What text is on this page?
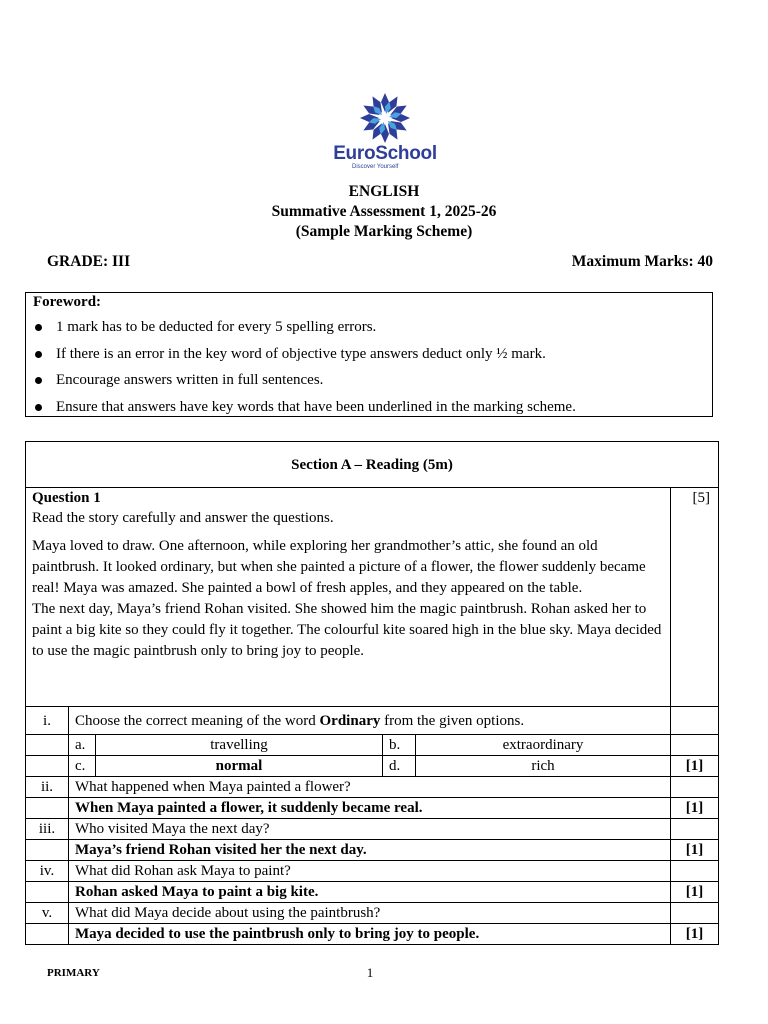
EuroSchool
Discover Yourself
ENGLISH
Summative Assessment 1, 2025-26
(Sample Marking Scheme)
GRADE: III	Maximum Marks: 40
Foreword:
1 mark has to be deducted for every 5 spelling errors.
If there is an error in the key word of objective type answers deduct only ½ mark.
Encourage answers written in full sentences.
Ensure that answers have key words that have been underlined in the marking scheme.
Section A – Reading (5m)					

Question 1
Read the story carefully and answer the questions.

Maya loved to draw. One afternoon, while exploring her grandmother’s attic, she found an old paintbrush. It looked ordinary, but when she painted a picture of a flower, the flower suddenly became real! Maya was amazed. She painted a bowl of fresh apples, and they appeared on the table.

The next day, Maya’s friend Rohan visited. She showed him the magic paintbrush. Rohan asked her to paint a big kite so they could fly it together. The colourful kite soared high in the blue sky. Maya decided to use the magic paintbrush only to bring joy to people.					[5]
i.	Choose the correct meaning of the word Ordinary from the given options.				
	a.	travelling	b.	extraordinary	
	c.	normal	d.	rich	[1]
ii.	What happened when Maya painted a flower?				
	When Maya painted a flower, it suddenly became real.				[1]
iii.	Who visited Maya the next day?				
	Maya’s friend Rohan visited her the next day.				[1]
iv.	What did Rohan ask Maya to paint?				
	Rohan asked Maya to paint a big kite.				[1]
v.	What did Maya decide about using the paintbrush?				
	Maya decided to use the paintbrush only to bring joy to people.				[1]
PRIMARY	1
